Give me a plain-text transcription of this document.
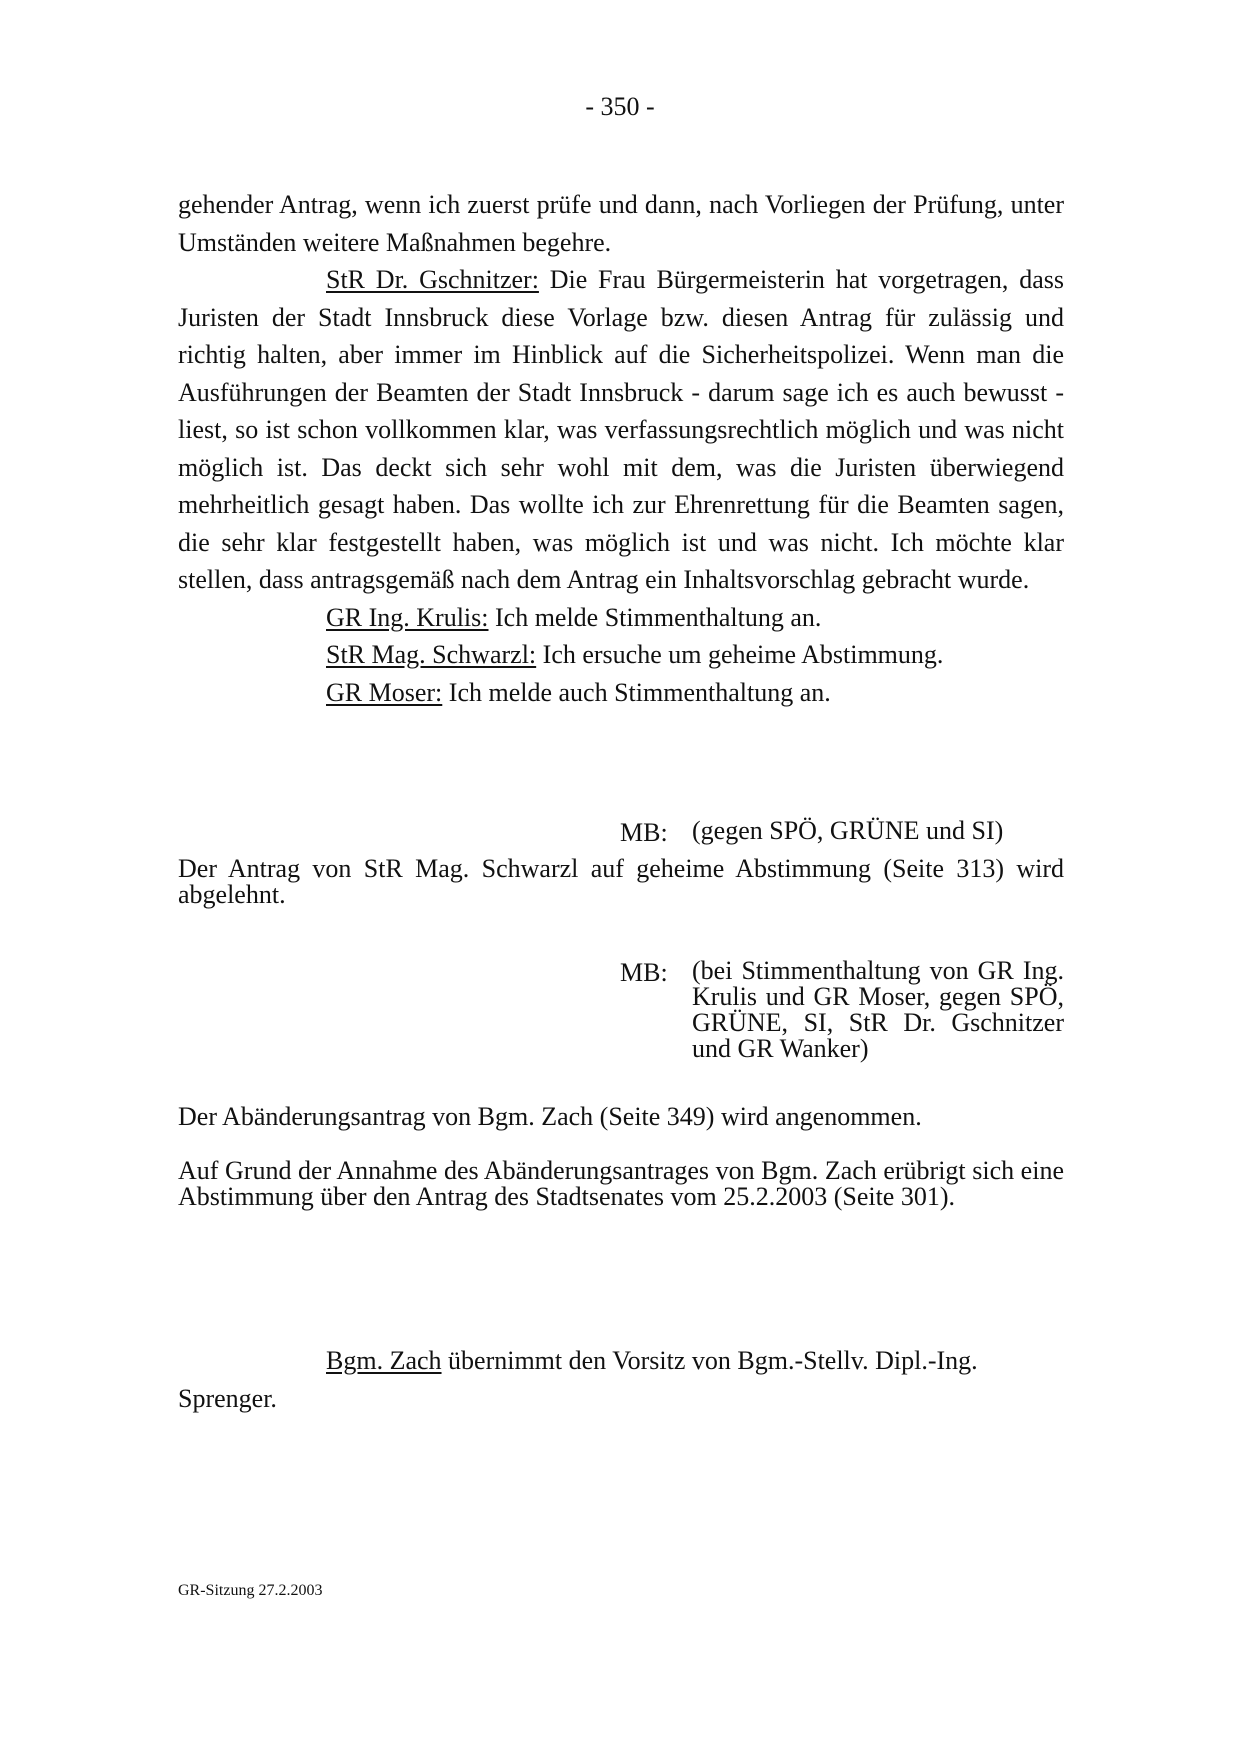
- 350 -

gehender Antrag, wenn ich zuerst prüfe und dann, nach Vorliegen der Prüfung, unter Umständen weitere Maßnahmen begehre.

StR Dr. Gschnitzer: Die Frau Bürgermeisterin hat vorgetragen, dass Juristen der Stadt Innsbruck diese Vorlage bzw. diesen Antrag für zulässig und richtig halten, aber immer im Hinblick auf die Sicherheitspolizei. Wenn man die Ausführungen der Beamten der Stadt Innsbruck - darum sage ich es auch bewusst - liest, so ist schon vollkommen klar, was verfassungsrechtlich möglich und was nicht möglich ist. Das deckt sich sehr wohl mit dem, was die Juristen überwiegend mehrheitlich gesagt haben. Das wollte ich zur Ehrenrettung für die Beamten sagen, die sehr klar festgestellt haben, was möglich ist und was nicht. Ich möchte klar stellen, dass antragsgemäß nach dem Antrag ein Inhaltsvorschlag gebracht wurde.

GR Ing. Krulis: Ich melde Stimmenthaltung an.

StR Mag. Schwarzl: Ich ersuche um geheime Abstimmung.

GR Moser: Ich melde auch Stimmenthaltung an.

MB: (gegen SPÖ, GRÜNE und SI)

Der Antrag von StR Mag. Schwarzl auf geheime Abstimmung (Seite 313) wird abgelehnt.

MB: (bei Stimmenthaltung von GR Ing. Krulis und GR Moser, gegen SPÖ, GRÜNE, SI, StR Dr. Gschnitzer und GR Wanker)

Der Abänderungsantrag von Bgm. Zach (Seite 349) wird angenommen.

Auf Grund der Annahme des Abänderungsantrages von Bgm. Zach erübrigt sich eine Abstimmung über den Antrag des Stadtsenates vom 25.2.2003 (Seite 301).

Bgm. Zach übernimmt den Vorsitz von Bgm.-Stellv. Dipl.-Ing. Sprenger.

GR-Sitzung 27.2.2003
